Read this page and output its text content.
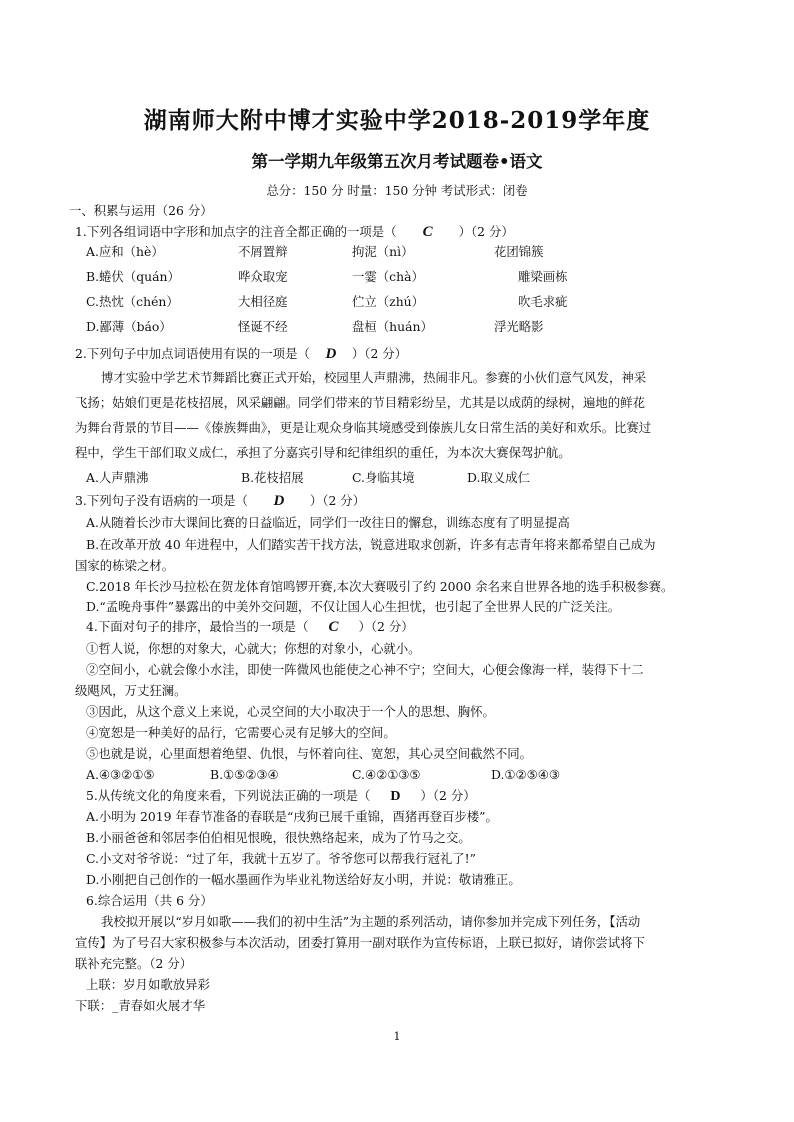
湖南师大附中博才实验中学2018-2019学年度
第一学期九年级第五次月考试题卷•语文
总分：150 分 时量：150 分钟 考试形式：闭卷
一、积累与运用（26 分）
1.下列各组词语中字形和加点字的注音全都正确的一项是（ C ）（2 分）
A.应和（hè）	不屑置辩	拘泥（nì）	花团锦簇
B.蜷伏（quán）	哗众取宠	一霎（chà）	雕梁画栋
C.热忱（chén）	大相径庭	伫立（zhú）	吹毛求疵
D.鄙薄（báo）	怪诞不经	盘桓（huán）	浮光略影
2.下列句子中加点词语使用有误的一项是（ D ）（2 分）
博才实验中学艺术节舞蹈比赛正式开始，校园里人声鼎沸，热闹非凡。参赛的小伙们意气风发，神采
飞扬；姑娘们更是花枝招展，风采翩翩。同学们带来的节目精彩纷呈，尤其是以成荫的绿树，遍地的鲜花
为舞台背景的节目——《傣族舞曲》，更是让观众身临其境感受到傣族儿女日常生活的美好和欢乐。比赛过
程中，学生干部们取义成仁，承担了分嘉宾引导和纪律组织的重任，为本次大赛保驾护航。
A.人声鼎沸	B.花枝招展	C.身临其境	D.取义成仁
3.下列句子没有语病的一项是（ D ）（2 分）
A.从随着长沙市大课间比赛的日益临近，同学们一改往日的懈怠，训练态度有了明显提高
B.在改革开放 40 年进程中，人们踏实苦干找方法，锐意进取求创新，许多有志青年将来都希望自己成为
国家的栋梁之材。
C.2018 年长沙马拉松在贺龙体育馆鸣锣开赛,本次大赛吸引了约 2000 余名来自世界各地的选手积极参赛。
D.“孟晚舟事件”暴露出的中美外交问题，不仅让国人心生担忧，也引起了全世界人民的广泛关注。
4.下面对句子的排序，最恰当的一项是（ C ）（2 分）
①哲人说，你想的对象大，心就大；你想的对象小，心就小。
②空间小，心就会像小水洼，即使一阵微风也能使之心神不宁；空间大，心便会像海一样，装得下十二
级飓风，万丈狂澜。
③因此，从这个意义上来说，心灵空间的大小取决于一个人的思想、胸怀。
④宽恕是一种美好的品行，它需要心灵有足够大的空间。
⑤也就是说，心里面想着绝望、仇恨，与怀着向往、宽恕，其心灵空间截然不同。
A.④③②①⑤	B.①⑤②③④	C.④②①③⑤	D.①②⑤④③
5.从传统文化的角度来看，下列说法正确的一项是（ D ）（2 分）
A.小明为 2019 年春节准备的春联是“戌狗已展千重锦，酉猪再登百步楼”。
B.小丽爸爸和邻居李伯伯相见恨晚，很快熟络起来，成为了竹马之交。
C.小文对爷爷说：“过了年，我就十五岁了。爷爷您可以帮我行冠礼了!”
D.小刚把自己创作的一幅水墨画作为毕业礼物送给好友小明，并说：敬请雅正。
6.综合运用（共 6 分）
我校拟开展以“岁月如歌——我们的初中生活”为主题的系列活动，请你参加并完成下列任务，【活动
宣传】为了号召大家积极参与本次活动，团委打算用一副对联作为宣传标语，上联已拟好，请你尝试将下
联补充完整。（2 分）
上联：岁月如歌放异彩
下联：_青春如火展才华
1
